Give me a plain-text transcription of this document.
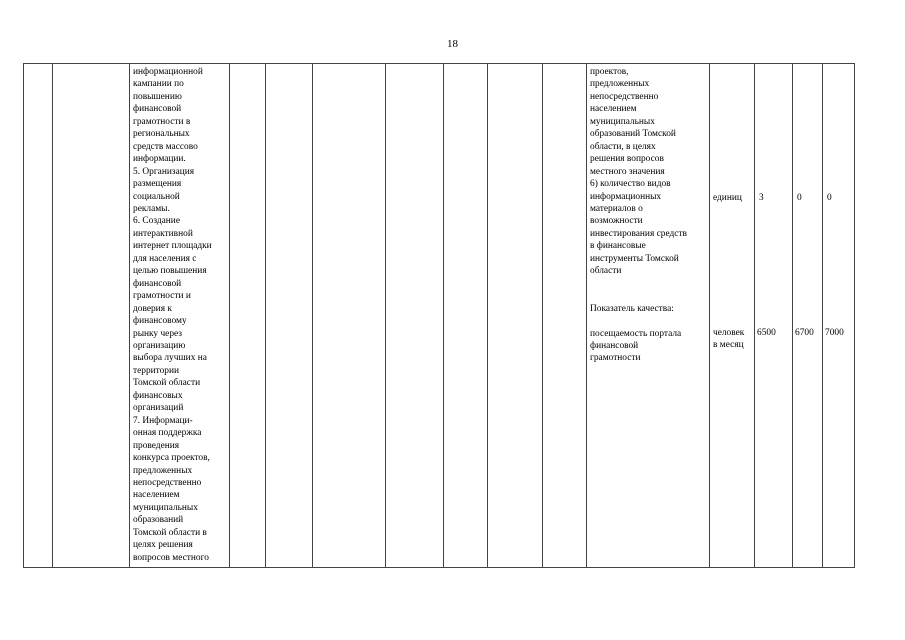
18
информационной
кампании по
повышению
финансовой
грамотности в
региональных
средств массово
информации.
5. Организация
размещения
социальной
рекламы.
6. Создание
интерактивной
интернет площадки
для населения с
целью повышения
финансовой
грамотности и
доверия к
финансовому
рынку через
организацию
выбора лучших на
территории
Томской области
финансовых
организаций
7. Информаци-
онная поддержка
проведения
конкурса проектов,
предложенных
непосредственно
населением
муниципальных
образований
Томской области в
целях решения
вопросов местного
проектов,
предложенных
непосредственно
населением
муниципальных
образований Томской
области, в целях
решения вопросов
местного значения
6) количество видов
информационных
материалов о
возможности
инвестирования средств
в финансовые
инструменты Томской
области

Показатель качества:

посещаемость портала
финансовой
грамотности
единиц 3	0	0
человек
в месяц
6500 6700 7000
